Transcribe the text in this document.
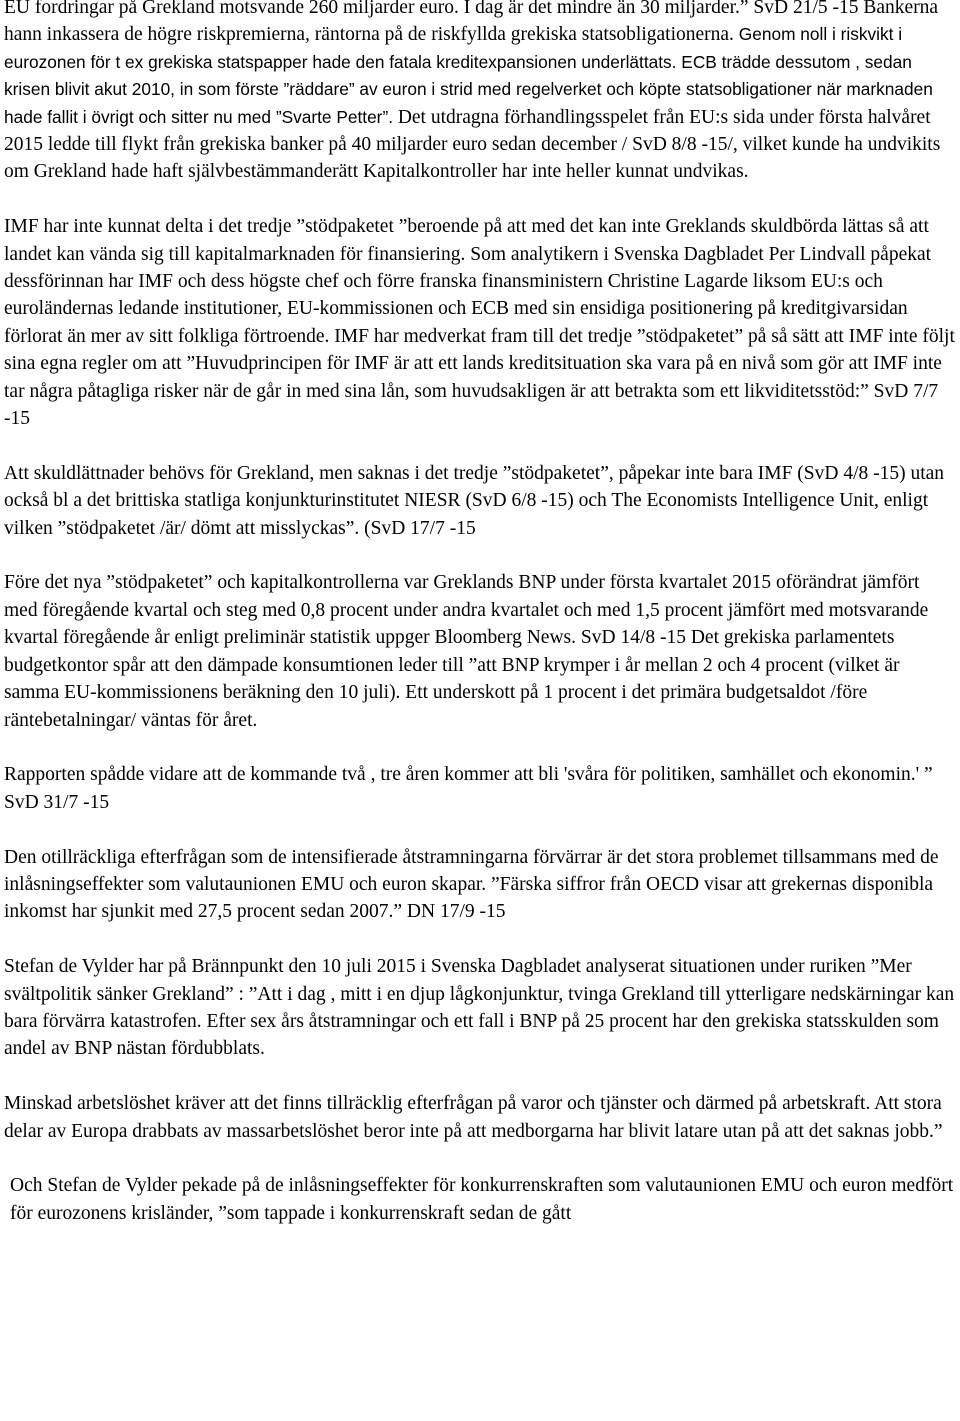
EU fordringar på Grekland motsvande 260 miljarder euro. I dag är det mindre än 30 miljarder.” SvD 21/5 -15 Bankerna hann inkassera de högre riskpremierna, räntorna på de riskfyllda grekiska statsobligationerna. Genom noll i riskvikt i eurozonen för t ex grekiska statspapper hade den fatala kreditexpansionen underlättats. ECB trädde dessutom , sedan krisen blivit akut 2010, in som förste ”räddare” av euron i strid med regelverket och köpte statsobligationer när marknaden hade fallit i övrigt och sitter nu med ”Svarte Petter”. Det utdragna förhandlingsspelet från EU:s sida under första halvåret 2015 ledde till flykt från grekiska banker på 40 miljarder euro sedan december / SvD 8/8 -15/, vilket kunde ha undvikits om Grekland hade haft självbestämmanderätt Kapitalkontroller har inte heller kunnat undvikas.

IMF har inte kunnat delta i det tredje ”stödpaketet ”beroende på att med det kan inte Greklands skuldbörda lättas så att landet kan vända sig till kapitalmarknaden för finansiering. Som analytikern i Svenska Dagbladet Per Lindvall påpekat dessförinnan har IMF och dess högste chef och förre franska finansministern Christine Lagarde liksom EU:s och euroländernas ledande institutioner, EU-kommissionen och ECB med sin ensidiga positionering på kreditgivarsidan förlorat än mer av sitt folkliga förtroende. IMF har medverkat fram till det tredje ”stödpaketet” på så sätt att IMF inte följt sina egna regler om att ”Huvudprincipen för IMF är att ett lands kreditsituation ska vara på en nivå som gör att IMF inte tar några påtagliga risker när de går in med sina lån, som huvudsakligen är att betrakta som ett likviditetsstöd:” SvD 7/7 -15

Att skuldlättnader behövs för Grekland, men saknas i det tredje ”stödpaketet”, påpekar inte bara IMF (SvD 4/8 -15) utan också bl a det brittiska statliga konjunkturinstitutet NIESR (SvD 6/8 -15) och The Economists Intelligence Unit, enligt vilken ”stödpaketet /är/ dömt att misslyckas”. (SvD 17/7 -15

Före det nya ”stödpaketet” och kapitalkontrollerna var Greklands BNP under första kvartalet 2015 oförändrat jämfört med föregående kvartal och steg med 0,8 procent under andra kvartalet och med 1,5 procent jämfört med motsvarande kvartal föregående år enligt preliminär statistik uppger Bloomberg News. SvD 14/8 -15 Det grekiska parlamentets budgetkontor spår att den dämpade konsumtionen leder till ”att BNP krymper i år mellan 2 och 4 procent (vilket är samma EU-kommissionens beräkning den 10 juli). Ett underskott på 1 procent i det primära budgetsaldot /före räntebetalningar/ väntas för året.

Rapporten spådde vidare att de kommande två , tre åren kommer att bli 'svåra för politiken, samhället och ekonomin.' ” SvD 31/7 -15

Den otillräckliga efterfrågan som de intensifierade åtstramningarna förvärrar är det stora problemet tillsammans med de inlåsningseffekter som valutaunionen EMU och euron skapar. ”Färska siffror från OECD visar att grekernas disponibla inkomst har sjunkit med 27,5 procent sedan 2007.” DN 17/9 -15

Stefan de Vylder har på Brännpunkt den 10 juli 2015 i Svenska Dagbladet analyserat situationen under ruriken ”Mer svältpolitik sänker Grekland” : ”Att i dag , mitt i en djup lågkonjunktur, tvinga Grekland till ytterligare nedskärningar kan bara förvärra katastrofen. Efter sex års åtstramningar och ett fall i BNP på 25 procent har den grekiska statsskulden som andel av BNP nästan fördubblats.

Minskad arbetslöshet kräver att det finns tillräcklig efterfrågan på varor och tjänster och därmed på arbetskraft. Att stora delar av Europa drabbats av massarbetslöshet beror inte på att medborgarna har blivit latare utan på att det saknas jobb.”

Och Stefan de Vylder pekade på de inlåsningseffekter för konkurrenskraften som valutaunionen EMU och euron medfört för eurozonens krisländer, ”som tappade i konkurrenskraft sedan de gått
